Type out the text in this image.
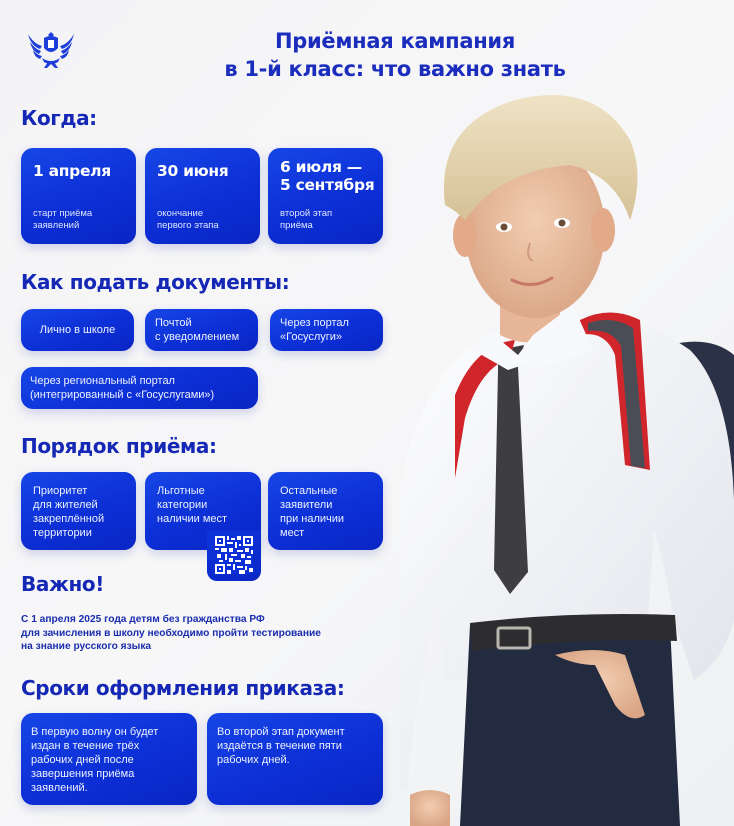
Приёмная кампания
в 1-й класс: что важно знать
Когда:
1 апреля
старт приёма
заявлений
30 июня
окончание
первого этапа
6 июля —
5 сентября
второй этап
приёма
Как подать документы:
Лично в школе
Почтой
с уведомлением
Через портал
«Госуслуги»
Через региональный портал
(интегрированный с «Госуслугами»)
Порядок приёма:
Приоритет
для жителей
закреплённой
территории
Льготные
категории
наличии мест
Остальные
заявители
при наличии
мест
Важно!
С 1 апреля 2025 года детям без гражданства РФ
для зачисления в школу необходимо пройти тестирование
на знание русского языка
Сроки оформления приказа:
В первую волну он будет
издан в течение трёх
рабочих дней после
завершения приёма
заявлений.
Во второй этап документ
издаётся в течение пяти
рабочих дней.
